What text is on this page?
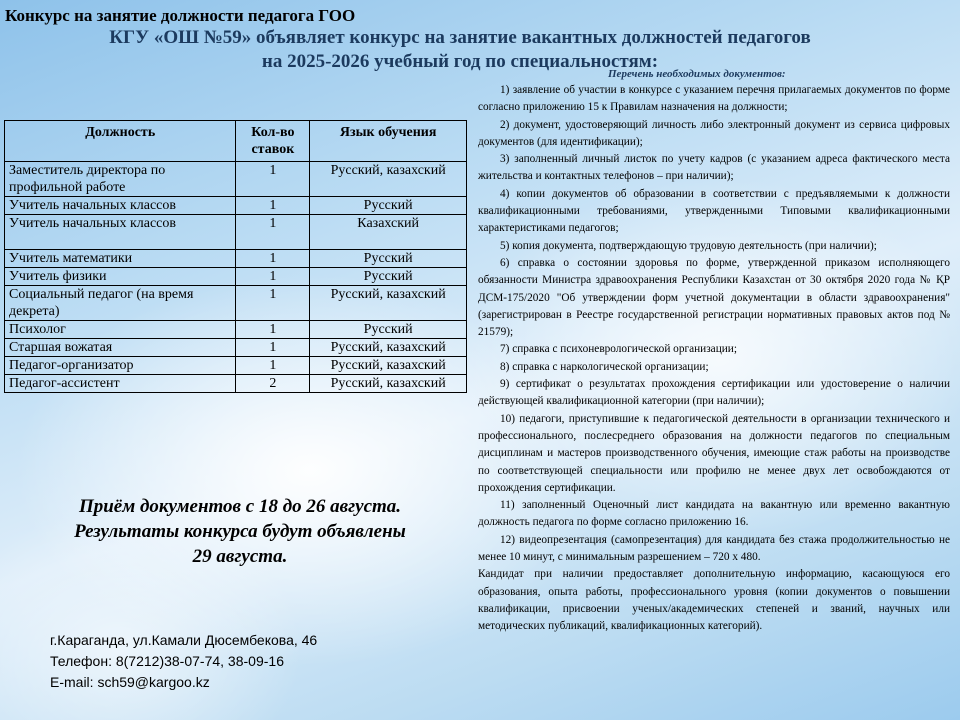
Конкурс на занятие должности педагога ГОО
КГУ «ОШ №59» объявляет конкурс на занятие вакантных должностей педагогов
на 2025-2026 учебный год по специальностям:
Должность	Кол-во ставок	Язык обучения
Заместитель директора по профильной работе	1	Русский, казахский
Учитель начальных классов	1	Русский
Учитель начальных классов	1	Казахский
Учитель математики	1	Русский
Учитель физики	1	Русский
Социальный педагог (на время декрета)	1	Русский, казахский
Психолог	1	Русский
Старшая вожатая	1	Русский, казахский
Педагог-организатор	1	Русский, казахский
Педагог-ассистент	2	Русский, казахский
Приём документов с 18 до 26 августа.
Результаты конкурса будут объявлены
29 августа.
г.Караганда, ул.Камали Дюсембекова, 46
Телефон: 8(7212)38-07-74, 38-09-16
E-mail: sch59@kargoo.kz
Перечень необходимых документов:

1) заявление об участии в конкурсе с указанием перечня прилагаемых документов по форме согласно приложению 15 к Правилам назначения на должности;

2) документ, удостоверяющий личность либо электронный документ из сервиса цифровых документов (для идентификации);

3) заполненный личный листок по учету кадров (с указанием адреса фактического места жительства и контактных телефонов – при наличии);

4) копии документов об образовании в соответствии с предъявляемыми к должности квалификационными требованиями, утвержденными Типовыми квалификационными характеристиками педагогов;

5) копия документа, подтверждающую трудовую деятельность (при наличии);

6) справка о состоянии здоровья по форме, утвержденной приказом исполняющего обязанности Министра здравоохранения Республики Казахстан от 30 октября 2020 года № ҚР ДСМ-175/2020 "Об утверждении форм учетной документации в области здравоохранения" (зарегистрирован в Реестре государственной регистрации нормативных правовых актов под № 21579);

7) справка с психоневрологической организации;

8) справка с наркологической организации;

9) сертификат о результатах прохождения сертификации или удостоверение о наличии действующей квалификационной категории (при наличии);

10) педагоги, приступившие к педагогической деятельности в организации технического и профессионального, послесреднего образования на должности педагогов по специальным дисциплинам и мастеров производственного обучения, имеющие стаж работы на производстве по соответствующей специальности или профилю не менее двух лет освобождаются от прохождения сертификации.

11) заполненный Оценочный лист кандидата на вакантную или временно вакантную должность педагога по форме согласно приложению 16.

12) видеопрезентация (самопрезентация) для кандидата без стажа продолжительностью не менее 10 минут, с минимальным разрешением – 720 x 480.

Кандидат при наличии предоставляет дополнительную информацию, касающуюся его образования, опыта работы, профессионального уровня (копии документов о повышении квалификации, присвоении ученых/академических степеней и званий, научных или методических публикаций, квалификационных категорий).
